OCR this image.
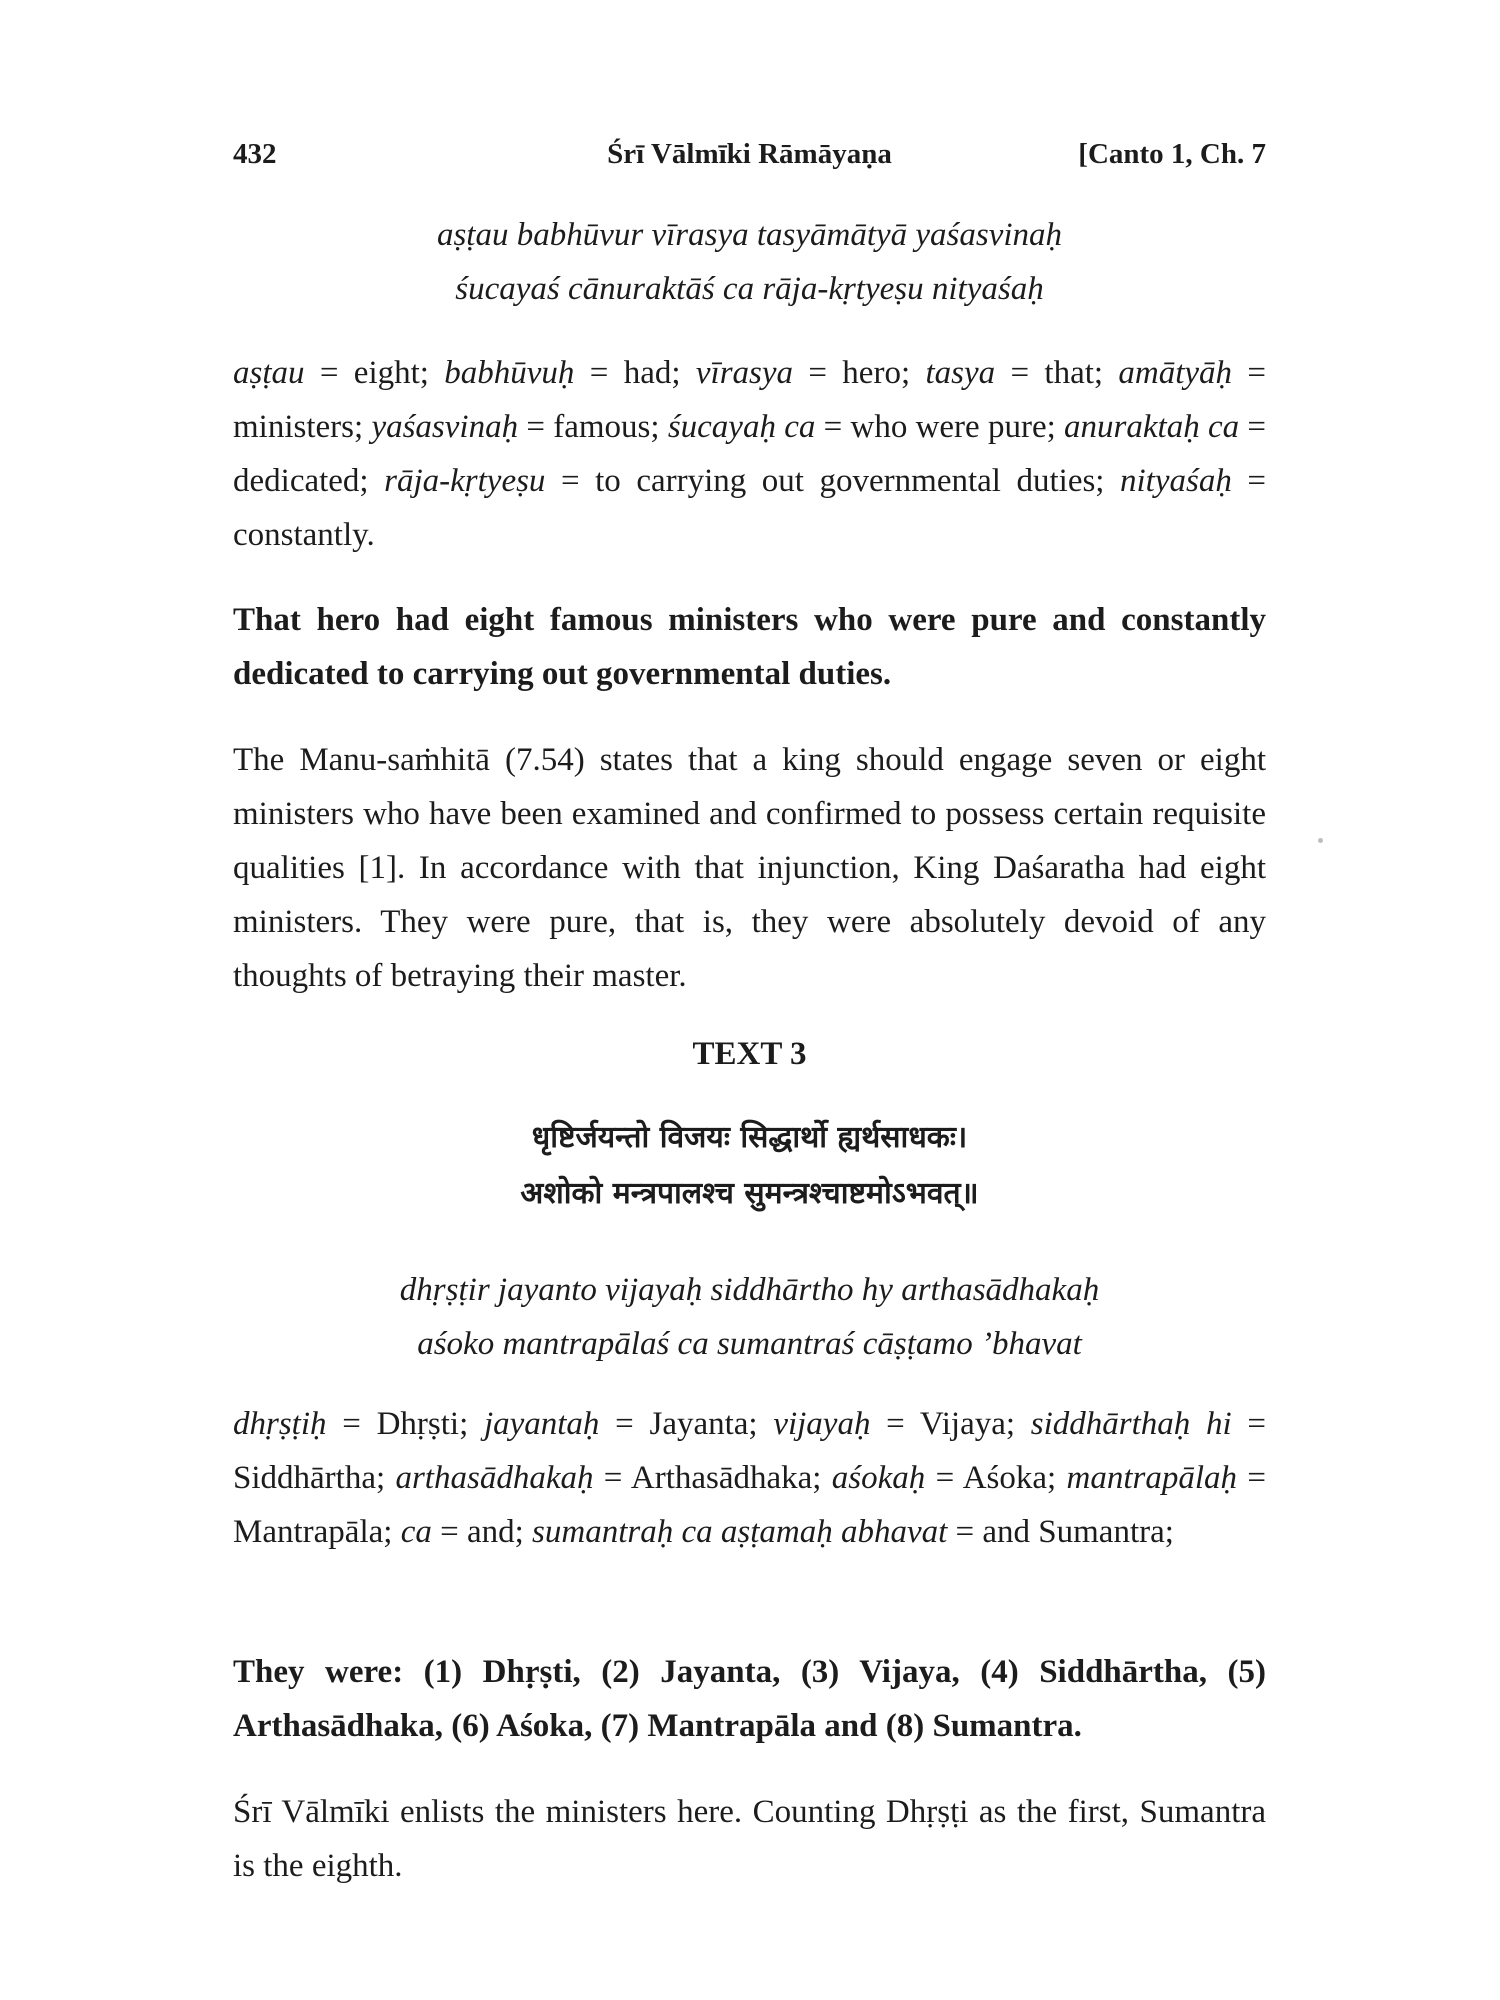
432	Śrī Vālmīki Rāmāyaṇa	[Canto 1, Ch. 7
aṣṭau babhūvur vīrasya tasyāmātyā yaśasvinaḥ
śucayaś cānuraktāś ca rāja-kṛtyeṣu nityaśaḥ
aṣṭau = eight; babhūvuḥ = had; vīrasya = hero; tasya = that; amātyāḥ = ministers; yaśasvinaḥ = famous; śucayaḥ ca = who were pure; anuraktaḥ ca = dedicated; rāja-kṛtyeṣu = to carrying out governmental duties; nityaśaḥ = constantly.
That hero had eight famous ministers who were pure and constantly dedicated to carrying out governmental duties.
The Manu-saṁhitā (7.54) states that a king should engage seven or eight ministers who have been examined and confirmed to possess certain requisite qualities [1]. In accordance with that injunction, King Daśaratha had eight ministers. They were pure, that is, they were absolutely devoid of any thoughts of betraying their master.
TEXT 3
धृष्टिर्जयन्तो विजयः सिद्धार्थो ह्यर्थसाधकः।
अशोको मन्त्रपालश्च सुमन्त्रश्चाष्टमोऽभवत्॥
dhṛṣṭir jayanto vijayaḥ siddhārtho hy arthasādhakaḥ
aśoko mantrapālaś ca sumantraś cāṣṭamo ’bhavat
dhṛṣṭiḥ = Dhṛṣti; jayantaḥ = Jayanta; vijayaḥ = Vijaya; siddhārthaḥ hi = Siddhārtha; arthasādhakaḥ = Arthasādhaka; aśokaḥ = Aśoka; mantrapālaḥ = Mantrapāla; ca = and; sumantraḥ ca aṣṭamaḥ abhavat = and Sumantra;
They were: (1) Dhṛṣti, (2) Jayanta, (3) Vijaya, (4) Siddhārtha, (5) Arthasādhaka, (6) Aśoka, (7) Mantrapāla and (8) Sumantra.
Śrī Vālmīki enlists the ministers here. Counting Dhṛṣṭi as the first, Sumantra is the eighth.
